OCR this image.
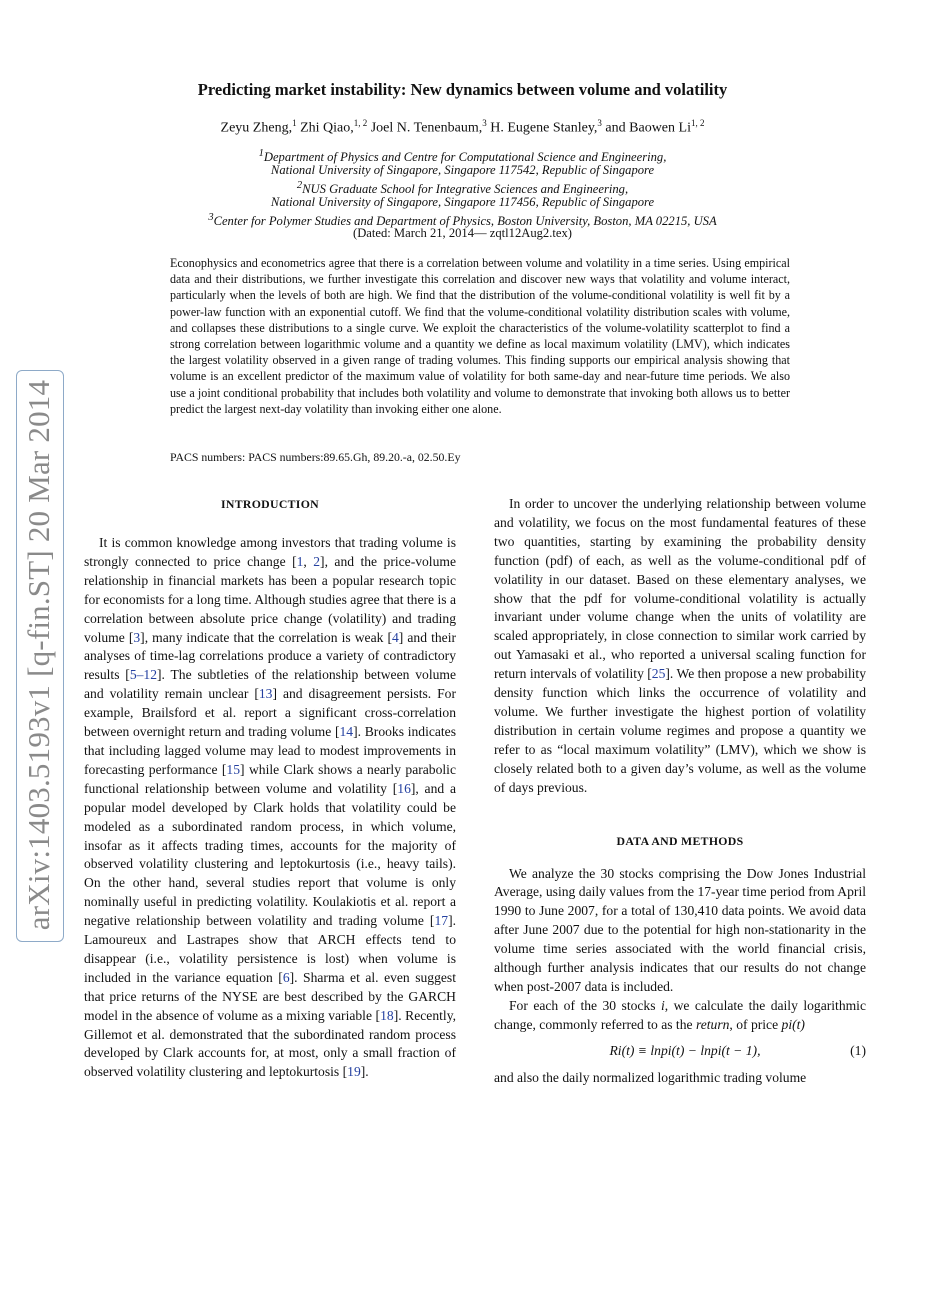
arXiv:1403.5193v1 [q-fin.ST] 20 Mar 2014
Predicting market instability: New dynamics between volume and volatility
Zeyu Zheng,$^1$ Zhi Qiao,$^{1, 2}$ Joel N. Tenenbaum,$^3$ H. Eugene Stanley,$^3$ and Baowen Li$^{1, 2}$
$^1$Department of Physics and Centre for Computational Science and Engineering,
National University of Singapore, Singapore 117542, Republic of Singapore
$^2$NUS Graduate School for Integrative Sciences and Engineering,
National University of Singapore, Singapore 117456, Republic of Singapore
$^3$Center for Polymer Studies and Department of Physics, Boston University, Boston, MA 02215, USA
(Dated: March 21, 2014— zqtl12Aug2.tex)
Econophysics and econometrics agree that there is a correlation between volume and volatility in a time series. Using empirical data and their distributions, we further investigate this correlation and discover new ways that volatility and volume interact, particularly when the levels of both are high. We find that the distribution of the volume-conditional volatility is well fit by a power-law function with an exponential cutoff. We find that the volume-conditional volatility distribution scales with volume, and collapses these distributions to a single curve. We exploit the characteristics of the volume-volatility scatterplot to find a strong correlation between logarithmic volume and a quantity we define as local maximum volatility (LMV), which indicates the largest volatility observed in a given range of trading volumes. This finding supports our empirical analysis showing that volume is an excellent predictor of the maximum value of volatility for both same-day and near-future time periods. We also use a joint conditional probability that includes both volatility and volume to demonstrate that invoking both allows us to better predict the largest next-day volatility than invoking either one alone.
PACS numbers: PACS numbers:89.65.Gh, 89.20.-a, 02.50.Ey
INTRODUCTION

It is common knowledge among investors that trading volume is strongly connected to price change [1, 2], and the price-volume relationship in financial markets has been a popular research topic for economists for a long time. Although studies agree that there is a correlation between absolute price change (volatility) and trading volume [3], many indicate that the correlation is weak [4] and their analyses of time-lag correlations produce a variety of contradictory results [5–12]. The subtleties of the relationship between volume and volatility remain unclear [13] and disagreement persists. For example, Brailsford et al. report a significant cross-correlation between overnight return and trading volume [14]. Brooks indicates that including lagged volume may lead to modest improvements in forecasting performance [15] while Clark shows a nearly parabolic functional relationship between volume and volatility [16], and a popular model developed by Clark holds that volatility could be modeled as a subordinated random process, in which volume, insofar as it affects trading times, accounts for the majority of observed volatility clustering and leptokurtosis (i.e., heavy tails). On the other hand, several studies report that volume is only nominally useful in predicting volatility. Koulakiotis et al. report a negative relationship between volatility and trading volume [17]. Lamoureux and Lastrapes show that ARCH effects tend to disappear (i.e., volatility persistence is lost) when volume is included in the variance equation [6]. Sharma et al. even suggest that price returns of the NYSE are best described by the GARCH model in the absence of volume as a mixing variable [18]. Recently, Gillemot et al. demonstrated that the subordinated random process developed by Clark accounts for, at most, only a small fraction of observed volatility clustering and leptokurtosis [19].

In order to uncover the underlying relationship between volume and volatility, we focus on the most fundamental features of these two quantities, starting by examining the probability density function (pdf) of each, as well as the volume-conditional pdf of volatility in our dataset. Based on these elementary analyses, we show that the pdf for volume-conditional volatility is actually invariant under volume change when the units of volatility are scaled appropriately, in close connection to similar work carried by out Yamasaki et al., who reported a universal scaling function for return intervals of volatility [25]. We then propose a new probability density function which links the occurrence of volatility and volume. We further investigate the highest portion of volatility distribution in certain volume regimes and propose a quantity we refer to as “local maximum volatility” (LMV), which we show is closely related both to a given day’s volume, as well as the volume of days previous.

DATA AND METHODS

We analyze the 30 stocks comprising the Dow Jones Industrial Average, using daily values from the 17-year time period from April 1990 to June 2007, for a total of 130,410 data points. We avoid data after June 2007 due to the potential for high non-stationarity in the volume time series associated with the world financial crisis, although further analysis indicates that our results do not change when post-2007 data is included.

For each of the 30 stocks i, we calculate the daily logarithmic change, commonly referred to as the return, of price pi(t)

Ri(t) ≡ lnpi(t) − lnpi(t − 1),	(1)

and also the daily normalized logarithmic trading volume
